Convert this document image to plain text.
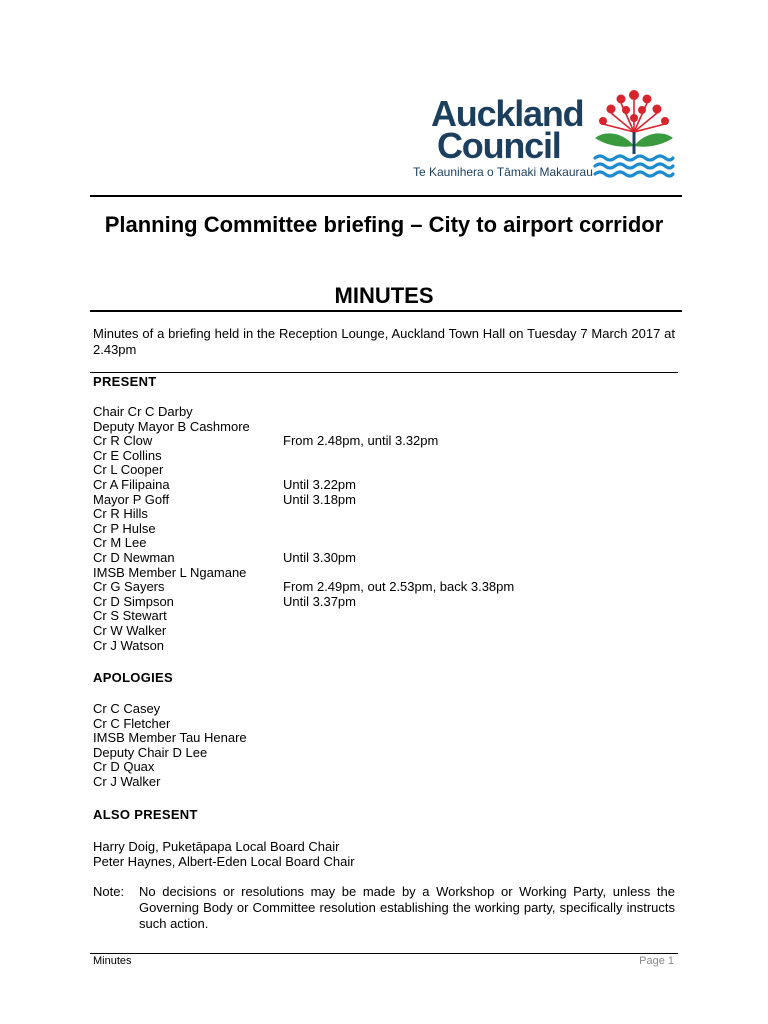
Auckland
Council
Te Kaunihera o Tāmaki Makaurau
Planning Committee briefing – City to airport corridor
MINUTES
Minutes of a briefing held in the Reception Lounge, Auckland Town Hall on Tuesday 7 March 2017 at 2.43pm
PRESENT
Chair Cr C Darby
Deputy Mayor B Cashmore
Cr R Clow	From 2.48pm, until 3.32pm
Cr E Collins
Cr L Cooper
Cr A Filipaina	Until 3.22pm
Mayor P Goff	Until 3.18pm
Cr R Hills
Cr P Hulse
Cr M Lee
Cr D Newman	Until 3.30pm
IMSB Member L Ngamane
Cr G Sayers	From 2.49pm, out 2.53pm, back 3.38pm
Cr D Simpson	Until 3.37pm
Cr S Stewart
Cr W Walker
Cr J Watson
APOLOGIES
Cr C Casey
Cr C Fletcher
IMSB Member Tau Henare
Deputy Chair D Lee
Cr D Quax
Cr J Walker
ALSO PRESENT
Harry Doig, Puketāpapa Local Board Chair
Peter Haynes, Albert-Eden Local Board Chair
Note: No decisions or resolutions may be made by a Workshop or Working Party, unless the Governing Body or Committee resolution establishing the working party, specifically instructs such action.
Minutes	Page 1
